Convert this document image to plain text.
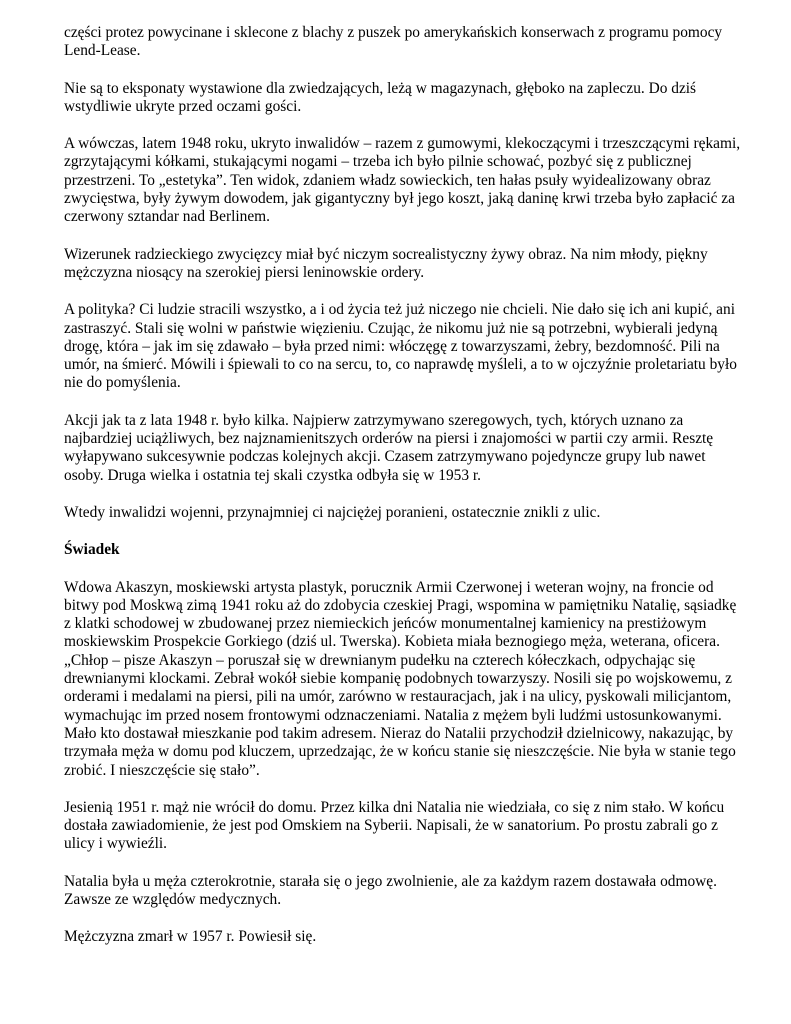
części protez powycinane i sklecone z blachy z puszek po amerykańskich konserwach z programu pomocy Lend-Lease.

Nie są to eksponaty wystawione dla zwiedzających, leżą w magazynach, głęboko na zapleczu. Do dziś wstydliwie ukryte przed oczami gości.

A wówczas, latem 1948 roku, ukryto inwalidów – razem z gumowymi, klekoczącymi i trzeszczącymi rękami, zgrzytającymi kółkami, stukającymi nogami – trzeba ich było pilnie schować, pozbyć się z publicznej przestrzeni. To „estetyka”. Ten widok, zdaniem władz sowieckich, ten hałas psuły wyidealizowany obraz zwycięstwa, były żywym dowodem, jak gigantyczny był jego koszt, jaką daninę krwi trzeba było zapłacić za czerwony sztandar nad Berlinem.

Wizerunek radzieckiego zwycięzcy miał być niczym socrealistyczny żywy obraz. Na nim młody, piękny mężczyzna niosący na szerokiej piersi leninowskie ordery.

A polityka? Ci ludzie stracili wszystko, a i od życia też już niczego nie chcieli. Nie dało się ich ani kupić, ani zastraszyć. Stali się wolni w państwie więzieniu. Czując, że nikomu już nie są potrzebni, wybierali jedyną drogę, która – jak im się zdawało – była przed nimi: włóczęgę z towarzyszami, żebry, bezdomność. Pili na umór, na śmierć. Mówili i śpiewali to co na sercu, to, co naprawdę myśleli, a to w ojczyźnie proletariatu było nie do pomyślenia.

Akcji jak ta z lata 1948 r. było kilka. Najpierw zatrzymywano szeregowych, tych, których uznano za najbardziej uciążliwych, bez najznamienitszych orderów na piersi i znajomości w partii czy armii. Resztę wyłapywano sukcesywnie podczas kolejnych akcji. Czasem zatrzymywano pojedyncze grupy lub nawet osoby. Druga wielka i ostatnia tej skali czystka odbyła się w 1953 r.

Wtedy inwalidzi wojenni, przynajmniej ci najciężej poranieni, ostatecznie znikli z ulic.

Świadek

Wdowa Akaszyn, moskiewski artysta plastyk, porucznik Armii Czerwonej i weteran wojny, na froncie od bitwy pod Moskwą zimą 1941 roku aż do zdobycia czeskiej Pragi, wspomina w pamiętniku Natalię, sąsiadkę z klatki schodowej w zbudowanej przez niemieckich jeńców monumentalnej kamienicy na prestiżowym moskiewskim Prospekcie Gorkiego (dziś ul. Twerska). Kobieta miała beznogiego męża, weterana, oficera. „Chłop – pisze Akaszyn – poruszał się w drewnianym pudełku na czterech kółeczkach, odpychając się drewnianymi klockami. Zebrał wokół siebie kompanię podobnych towarzyszy. Nosili się po wojskowemu, z orderami i medalami na piersi, pili na umór, zarówno w restauracjach, jak i na ulicy, pyskowali milicjantom, wymachując im przed nosem frontowymi odznaczeniami. Natalia z mężem byli ludźmi ustosunkowanymi. Mało kto dostawał mieszkanie pod takim adresem. Nieraz do Natalii przychodził dzielnicowy, nakazując, by trzymała męża w domu pod kluczem, uprzedzając, że w końcu stanie się nieszczęście. Nie była w stanie tego zrobić. I nieszczęście się stało”.

Jesienią 1951 r. mąż nie wrócił do domu. Przez kilka dni Natalia nie wiedziała, co się z nim stało. W końcu dostała zawiadomienie, że jest pod Omskiem na Syberii. Napisali, że w sanatorium. Po prostu zabrali go z ulicy i wywieźli.

Natalia była u męża czterokrotnie, starała się o jego zwolnienie, ale za każdym razem dostawała odmowę. Zawsze ze względów medycznych.

Mężczyzna zmarł w 1957 r. Powiesił się.
